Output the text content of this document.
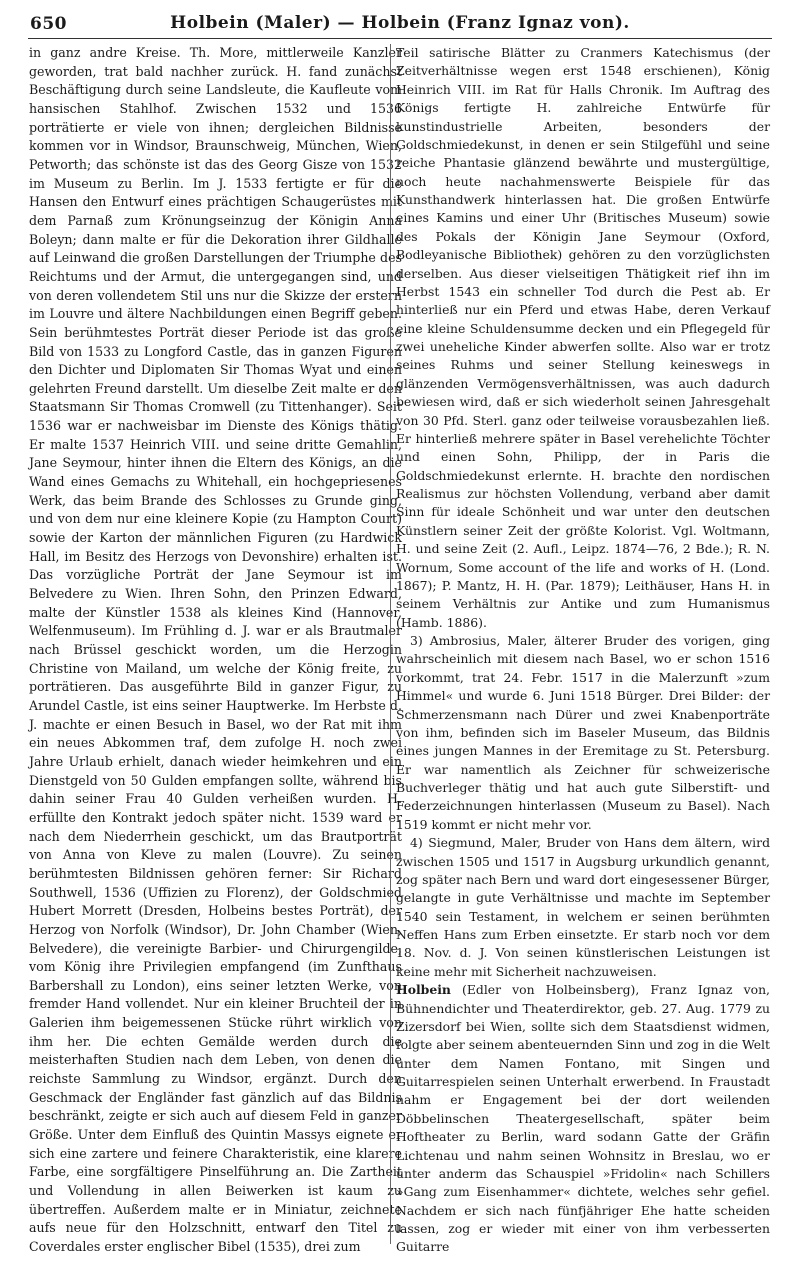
650	Holbein (Maler) — Holbein (Franz Ignaz von).

in ganz andre Kreise. Th. More, mittlerweile Kanzler geworden, trat bald nachher zurück. H. fand zunächst Beschäftigung durch seine Landsleute, die Kaufleute vom hansischen Stahlhof. Zwischen 1532 und 1536 porträtierte er viele von ihnen; dergleichen Bildnisse kommen vor in Windsor, Braunschweig, München, Wien, Petworth; das schönste ist das des Georg Gisze von 1532 im Museum zu Berlin. Im J. 1533 fertigte er für die Hansen den Entwurf eines prächtigen Schaugerüstes mit dem Parnaß zum Krönungseinzug der Königin Anna Boleyn; dann malte er für die Dekoration ihrer Gildhalle auf Leinwand die großen Darstellungen der Triumphe des Reichtums und der Armut, die untergegangen sind, und von deren vollendetem Stil uns nur die Skizze der erstern im Louvre und ältere Nachbildungen einen Begriff geben. Sein berühmtestes Porträt dieser Periode ist das große Bild von 1533 zu Longford Castle, das in ganzen Figuren den Dichter und Diplomaten Sir Thomas Wyat und einen gelehrten Freund darstellt. Um dieselbe Zeit malte er den Staatsmann Sir Thomas Cromwell (zu Tittenhanger). Seit 1536 war er nachweisbar im Dienste des Königs thätig. Er malte 1537 Heinrich VIII. und seine dritte Gemahlin, Jane Seymour, hinter ihnen die Eltern des Königs, an die Wand eines Gemachs zu Whitehall, ein hochgepriesenes Werk, das beim Brande des Schlosses zu Grunde ging, und von dem nur eine kleinere Kopie (zu Hampton Court) sowie der Karton der männlichen Figuren (zu Hardwick Hall, im Besitz des Herzogs von Devonshire) erhalten ist. Das vorzügliche Porträt der Jane Seymour ist im Belvedere zu Wien. Ihren Sohn, den Prinzen Edward, malte der Künstler 1538 als kleines Kind (Hannover, Welfenmuseum). Im Frühling d. J. war er als Brautmaler nach Brüssel geschickt worden, um die Herzogin Christine von Mailand, um welche der König freite, zu porträtieren. Das ausgeführte Bild in ganzer Figur, zu Arundel Castle, ist eins seiner Hauptwerke. Im Herbste d. J. machte er einen Besuch in Basel, wo der Rat mit ihm ein neues Abkommen traf, dem zufolge H. noch zwei Jahre Urlaub erhielt, danach wieder heimkehren und ein Dienstgeld von 50 Gulden empfangen sollte, während bis dahin seiner Frau 40 Gulden verheißen wurden. H. erfüllte den Kontrakt jedoch später nicht. 1539 ward er nach dem Niederrhein geschickt, um das Brautporträt von Anna von Kleve zu malen (Louvre). Zu seinen berühmtesten Bildnissen gehören ferner: Sir Richard Southwell, 1536 (Uffizien zu Florenz), der Goldschmied Hubert Morrett (Dresden, Holbeins bestes Porträt), der Herzog von Norfolk (Windsor), Dr. John Chamber (Wien, Belvedere), die vereinigte Barbier- und Chirurgengilde, vom König ihre Privilegien empfangend (im Zunfthaus Barbershall zu London), eins seiner letzten Werke, von fremder Hand vollendet. Nur ein kleiner Bruchteil der in Galerien ihm beigemessenen Stücke rührt wirklich von ihm her. Die echten Gemälde werden durch die meisterhaften Studien nach dem Leben, von denen die reichste Sammlung zu Windsor, ergänzt. Durch den Geschmack der Engländer fast gänzlich auf das Bildnis beschränkt, zeigte er sich auch auf diesem Feld in ganzer Größe. Unter dem Einfluß des Quintin Massys eignete er sich eine zartere und feinere Charakteristik, eine klarere Farbe, eine sorgfältigere Pinselführung an. Die Zartheit und Vollendung in allen Beiwerken ist kaum zu übertreffen. Außerdem malte er in Miniatur, zeichnete aufs neue für den Holzschnitt, entwarf den Titel zu Coverdales erster englischer Bibel (1535), drei zum

Teil satirische Blätter zu Cranmers Katechismus (der Zeitverhältnisse wegen erst 1548 erschienen), König Heinrich VIII. im Rat für Halls Chronik. Im Auftrag des Königs fertigte H. zahlreiche Entwürfe für kunstindustrielle Arbeiten, besonders der Goldschmiedekunst, in denen er sein Stilgefühl und seine reiche Phantasie glänzend bewährte und mustergültige, noch heute nachahmenswerte Beispiele für das Kunsthandwerk hinterlassen hat. Die großen Entwürfe eines Kamins und einer Uhr (Britisches Museum) sowie des Pokals der Königin Jane Seymour (Oxford, Bodleyanische Bibliothek) gehören zu den vorzüglichsten derselben. Aus dieser vielseitigen Thätigkeit rief ihn im Herbst 1543 ein schneller Tod durch die Pest ab. Er hinterließ nur ein Pferd und etwas Habe, deren Verkauf eine kleine Schuldensumme decken und ein Pflegegeld für zwei uneheliche Kinder abwerfen sollte. Also war er trotz seines Ruhms und seiner Stellung keineswegs in glänzenden Vermögensverhältnissen, was auch dadurch bewiesen wird, daß er sich wiederholt seinen Jahresgehalt von 30 Pfd. Sterl. ganz oder teilweise vorausbezahlen ließ. Er hinterließ mehrere später in Basel verehelichte Töchter und einen Sohn, Philipp, der in Paris die Goldschmiedekunst erlernte. H. brachte den nordischen Realismus zur höchsten Vollendung, verband aber damit Sinn für ideale Schönheit und war unter den deutschen Künstlern seiner Zeit der größte Kolorist. Vgl. Woltmann, H. und seine Zeit (2. Aufl., Leipz. 1874—76, 2 Bde.); R. N. Wornum, Some account of the life and works of H. (Lond. 1867); P. Mantz, H. H. (Par. 1879); Leithäuser, Hans H. in seinem Verhältnis zur Antike und zum Humanismus (Hamb. 1886).

3) Ambrosius, Maler, älterer Bruder des vorigen, ging wahrscheinlich mit diesem nach Basel, wo er schon 1516 vorkommt, trat 24. Febr. 1517 in die Malerzunft »zum Himmel« und wurde 6. Juni 1518 Bürger. Drei Bilder: der Schmerzensmann nach Dürer und zwei Knabenporträte von ihm, befinden sich im Baseler Museum, das Bildnis eines jungen Mannes in der Eremitage zu St. Petersburg. Er war namentlich als Zeichner für schweizerische Buchverleger thätig und hat auch gute Silberstift- und Federzeichnungen hinterlassen (Museum zu Basel). Nach 1519 kommt er nicht mehr vor.

4) Siegmund, Maler, Bruder von Hans dem ältern, wird zwischen 1505 und 1517 in Augsburg urkundlich genannt, zog später nach Bern und ward dort eingesessener Bürger, gelangte in gute Verhältnisse und machte im September 1540 sein Testament, in welchem er seinen berühmten Neffen Hans zum Erben einsetzte. Er starb noch vor dem 18. Nov. d. J. Von seinen künstlerischen Leistungen ist keine mehr mit Sicherheit nachzuweisen.

Holbein (Edler von Holbeinsberg), Franz Ignaz von, Bühnendichter und Theaterdirektor, geb. 27. Aug. 1779 zu Zizersdorf bei Wien, sollte sich dem Staatsdienst widmen, folgte aber seinem abenteuernden Sinn und zog in die Welt unter dem Namen Fontano, mit Singen und Guitarrespielen seinen Unterhalt erwerbend. In Fraustadt nahm er Engagement bei der dort weilenden Döbbelinschen Theatergesellschaft, später beim Hoftheater zu Berlin, ward sodann Gatte der Gräfin Lichtenau und nahm seinen Wohnsitz in Breslau, wo er unter anderm das Schauspiel »Fridolin« nach Schillers »Gang zum Eisenhammer« dichtete, welches sehr gefiel. Nachdem er sich nach fünfjähriger Ehe hatte scheiden lassen, zog er wieder mit einer von ihm verbesserten Guitarre
